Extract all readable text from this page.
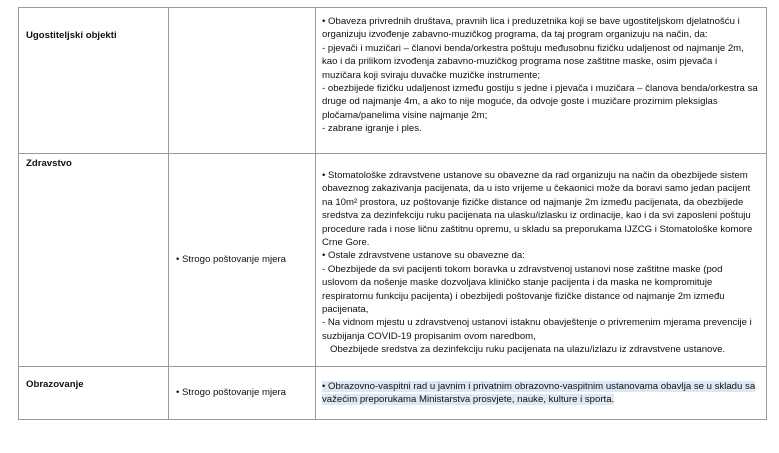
Ugostiteljski objekti		• Obaveza privrednih društava, pravnih lica i preduzetnika koji se bave ugostiteljskom djelatnošću i organizuju izvođenje zabavno-muzičkog programa, da taj program organizuju na način, da:
- pjevači i muzičari – članovi benda/orkestra poštuju međusobnu fizičku udaljenost od najmanje 2m, kao i da prilikom izvođenja zabavno-muzičkog programa nose zaštitne maske, osim pjevača i muzičara koji sviraju duvačke muzičke instrumente;
- obezbijede fizičku udaljenost između gostiju s jedne i pjevača i muzičara – članova benda/orkestra sa druge od najmanje 4m, a ako to nije moguće, da odvoje goste i muzičare prozirnim pleksiglas pločama/panelima visine najmanje 2m;
- zabrane igranje i ples.

Zdravstvo	• Strogo poštovanje mjera	• Stomatološke zdravstvene ustanove su obavezne da rad organizuju na način da obezbijede sistem obaveznog zakazivanja pacijenata, da u isto vrijeme u čekaonici može da boravi samo jedan pacijent na 10m² prostora, uz poštovanje fizičke distance od najmanje 2m između pacijenata, da obezbijede sredstva za dezinfekciju ruku pacijenata na ulasku/izlasku iz ordinacije, kao i da svi zaposleni poštuju procedure rada i nose ličnu zaštitnu opremu, u skladu sa preporukama IJZCG i Stomatološke komore Crne Gore.
• Ostale zdravstvene ustanove su obavezne da:
- Obezbijede da svi pacijenti tokom boravka u zdravstvenoj ustanovi nose zaštitne maske (pod uslovom da nošenje maske dozvoljava kliničko stanje pacijenta i da maska ne kompromituje respiratornu funkciju pacijenta) i obezbijedi poštovanje fizičke distance od najmanje 2m između pacijenata,
- Na vidnom mjestu u zdravstvenoj ustanovi istaknu obavještenje o privremenim mjerama prevencije i suzbijanja COVID-19 propisanim ovom naredbom,
Obezbijede sredstva za dezinfekciju ruku pacijenata na ulazu/izlazu iz zdravstvene ustanove.

Obrazovanje	• Strogo poštovanje mjera	• Obrazovno-vaspitni rad u javnim i privatnim obrazovno-vaspitnim ustanovama obavlja se u skladu sa važećim preporukama Ministarstva prosvjete, nauke, kulture i sporta.
